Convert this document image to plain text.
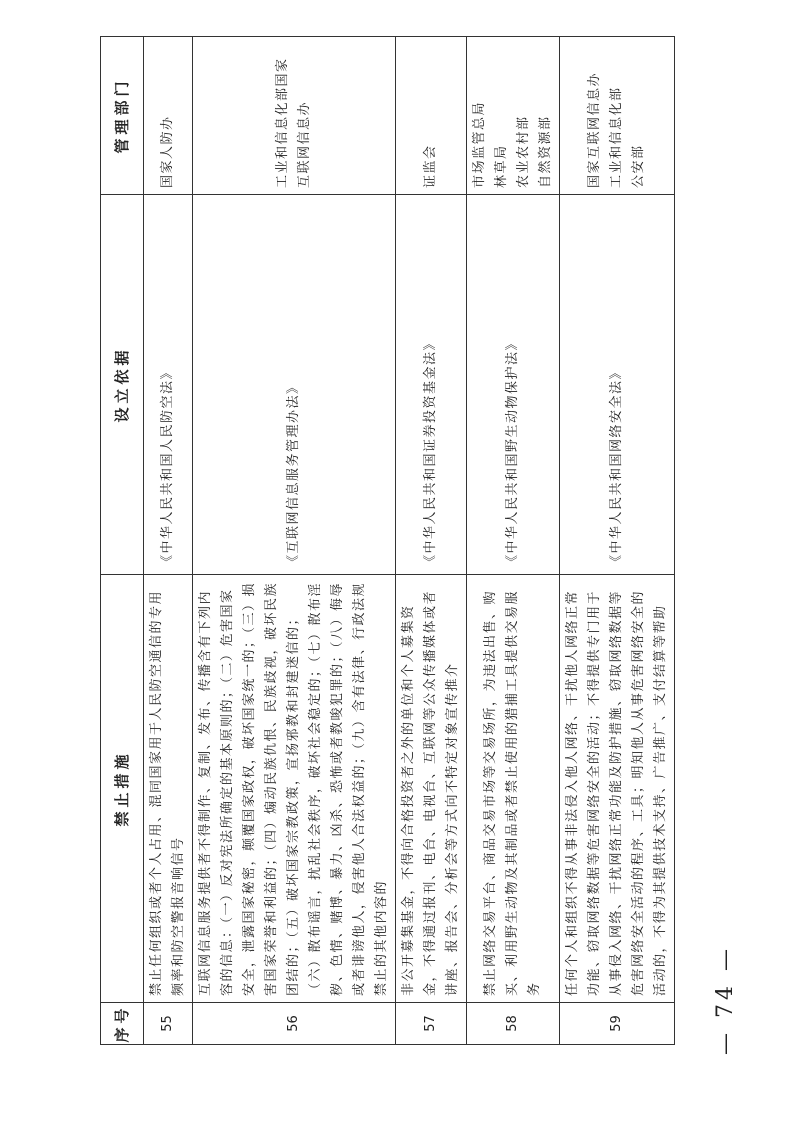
序号	禁止措施	设立依据	管理部门
55	禁止任何组织或者个人占用、混同国家用于人民防空通信的专用频率和防空警报音响信号	《中华人民共和国人民防空法》	国家人防办

56	互联网信息服务提供者不得制作、复制、发布、传播含有下列内容的信息：（一）反对宪法所确定的基本原则的；（二）危害国家安全，泄露国家秘密，颠覆国家政权，破坏国家统一的；（三）损害国家荣誉和利益的；（四）煽动民族仇恨、民族歧视，破坏民族团结的；（五）破坏国家宗教政策，宣扬邪教和封建迷信的；（六）散布谣言，扰乱社会秩序，破坏社会稳定的；（七）散布淫秽、色情、赌博、暴力、凶杀、恐怖或者教唆犯罪的；（八）侮辱或者诽谤他人，侵害他人合法权益的；（九）含有法律、行政法规禁止的其他内容的	《互联网信息服务管理办法》	工业和信息化部国家 互联网信息办

57	非公开募集基金，不得向合格投资者之外的单位和个人募集资金，不得通过报刊、电台、电视台、互联网等公众传播媒体或者讲座、报告会、分析会等方式向不特定对象宣传推介	《中华人民共和国证券投资基金法》	证监会

58	禁止网络交易平台、商品交易市场等交易场所，为违法出售、购买、利用野生动物及其制品或者禁止使用的猎捕工具提供交易服务	《中华人民共和国野生动物保护法》	市场监管总局 林草局 农业农村部 自然资源部

59	任何个人和组织不得从事非法侵入他人网络、干扰他人网络正常功能、窃取网络数据等危害网络安全的活动；不得提供专门用于从事侵入网络、干扰网络正常功能及防护措施、窃取网络数据等危害网络安全活动的程序、工具；明知他人从事危害网络安全的活动的，不得为其提供技术支持、广告推广、支付结算等帮助	《中华人民共和国网络安全法》	国家互联网信息办 工业和信息化部 公安部
— 74 —
